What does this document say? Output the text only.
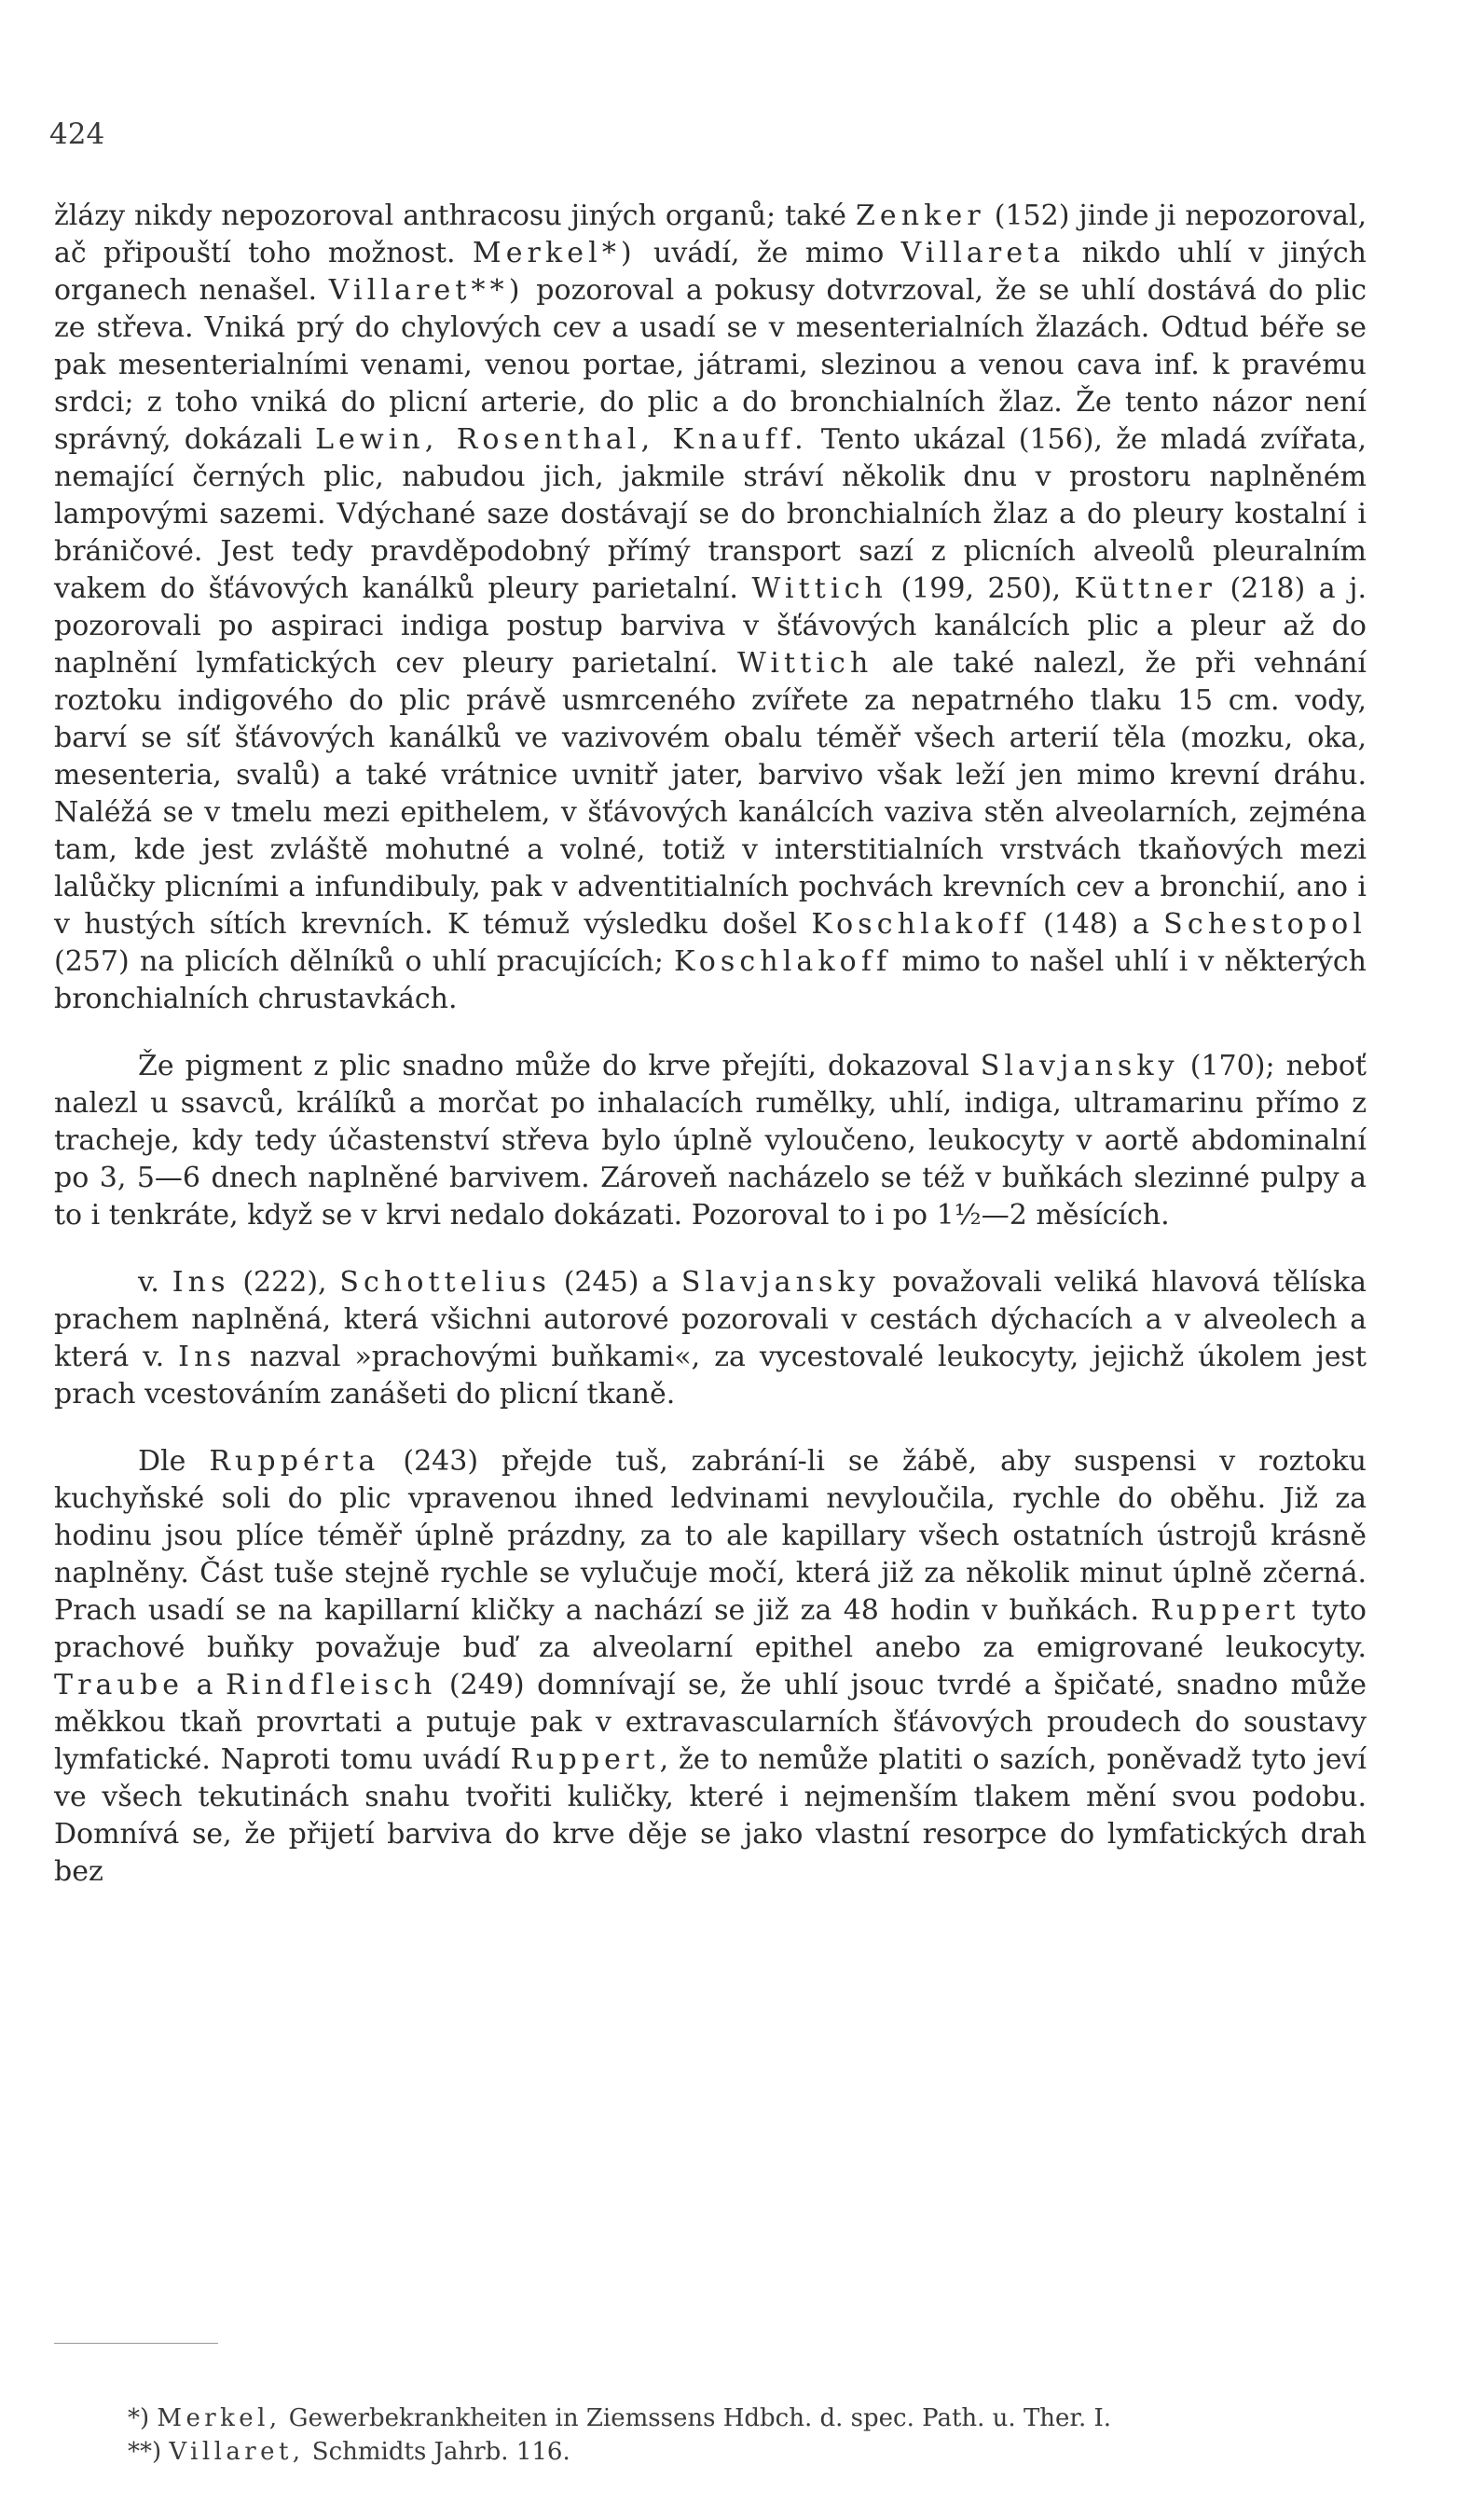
424

žlázy nikdy nepozoroval anthracosu jiných organů; také Zenker (152) jinde ji nepozoroval, ač připouští toho možnost. Merkel*) uvádí, že mimo Villareta nikdo uhlí v jiných organech nenašel. Villaret**) pozoroval a pokusy dotvrzoval, že se uhlí dostává do plic ze střeva. Vniká prý do chylových cev a usadí se v mesenterialních žlazách. Odtud béře se pak mesenterialními venami, venou portae, játrami, slezinou a venou cava inf. k pravému srdci; z toho vniká do plicní arterie, do plic a do bronchialních žlaz. Že tento názor není správný, dokázali Lewin, Rosenthal, Knauff. Tento ukázal (156), že mladá zvířata, nemající černých plic, nabudou jich, jakmile stráví několik dnu v prostoru naplněném lampovými sazemi. Vdýchané saze dostávají se do bronchialních žlaz a do pleury kostalní i bráničové. Jest tedy pravděpodobný přímý transport sazí z plicních alveolů pleuralním vakem do šťávových kanálků pleury parietalní. Wittich (199, 250), Küttner (218) a j. pozorovali po aspiraci indiga postup barviva v šťávových kanálcích plic a pleur až do naplnění lymfatických cev pleury parietalní. Wittich ale také nalezl, že při vehnání roztoku indigového do plic právě usmrceného zvířete za nepatrného tlaku 15 cm. vody, barví se síť šťávových kanálků ve vazivovém obalu téměř všech arterií těla (mozku, oka, mesenteria, svalů) a také vrátnice uvnitř jater, barvivo však leží jen mimo krevní dráhu. Naléžá se v tmelu mezi epithelem, v šťávových kanálcích vaziva stěn alveolarních, zejména tam, kde jest zvláště mohutné a volné, totiž v interstitialních vrstvách tkaňových mezi lalůčky plicními a infundibuly, pak v adventitialních pochvách krevních cev a bronchií, ano i v hustých sítích krevních. K témuž výsledku došel Koschlakoff (148) a Schestopol (257) na plicích dělníků o uhlí pracujících; Koschlakoff mimo to našel uhlí i v některých bronchialních chrustavkách.

Že pigment z plic snadno může do krve přejíti, dokazoval Slavjansky (170); neboť nalezl u ssavců, králíků a morčat po inhalacích rumělky, uhlí, indiga, ultramarinu přímo z tracheje, kdy tedy účastenství střeva bylo úplně vyloučeno, leukocyty v aortě abdominalní po 3, 5—6 dnech naplněné barvivem. Zároveň nacházelo se též v buňkách slezinné pulpy a to i tenkráte, když se v krvi nedalo dokázati. Pozoroval to i po 1½—2 měsících.

v. Ins (222), Schottelius (245) a Slavjansky považovali veliká hlavová tělíska prachem naplněná, která všichni autorové pozorovali v cestách dýchacích a v alveolech a která v. Ins nazval »prachovými buňkami«, za vycestovalé leukocyty, jejichž úkolem jest prach vcestováním zanášeti do plicní tkaně.

Dle Ruppérta (243) přejde tuš, zabrání-li se žábě, aby suspensi v roztoku kuchyňské soli do plic vpravenou ihned ledvinami nevyloučila, rychle do oběhu. Již za hodinu jsou plíce téměř úplně prázdny, za to ale kapillary všech ostatních ústrojů krásně naplněny. Část tuše stejně rychle se vylučuje močí, která již za několik minut úplně zčerná. Prach usadí se na kapillarní kličky a nachází se již za 48 hodin v buňkách. Ruppert tyto prachové buňky považuje buď za alveolarní epithel anebo za emigrované leukocyty. Traube a Rindfleisch (249) domnívají se, že uhlí jsouc tvrdé a špičaté, snadno může měkkou tkaň provrtati a putuje pak v extravascularních šťávových proudech do soustavy lymfatické. Naproti tomu uvádí Ruppert, že to nemůže platiti o sazích, poněvadž tyto jeví ve všech tekutinách snahu tvořiti kuličky, které i nejmenším tlakem mění svou podobu. Domnívá se, že přijetí barviva do krve děje se jako vlastní resorpce do lymfatických drah bez

*) Merkel, Gewerbekrankheiten in Ziemssens Hdbch. d. spec. Path. u. Ther. I.

**) Villaret, Schmidts Jahrb. 116.
